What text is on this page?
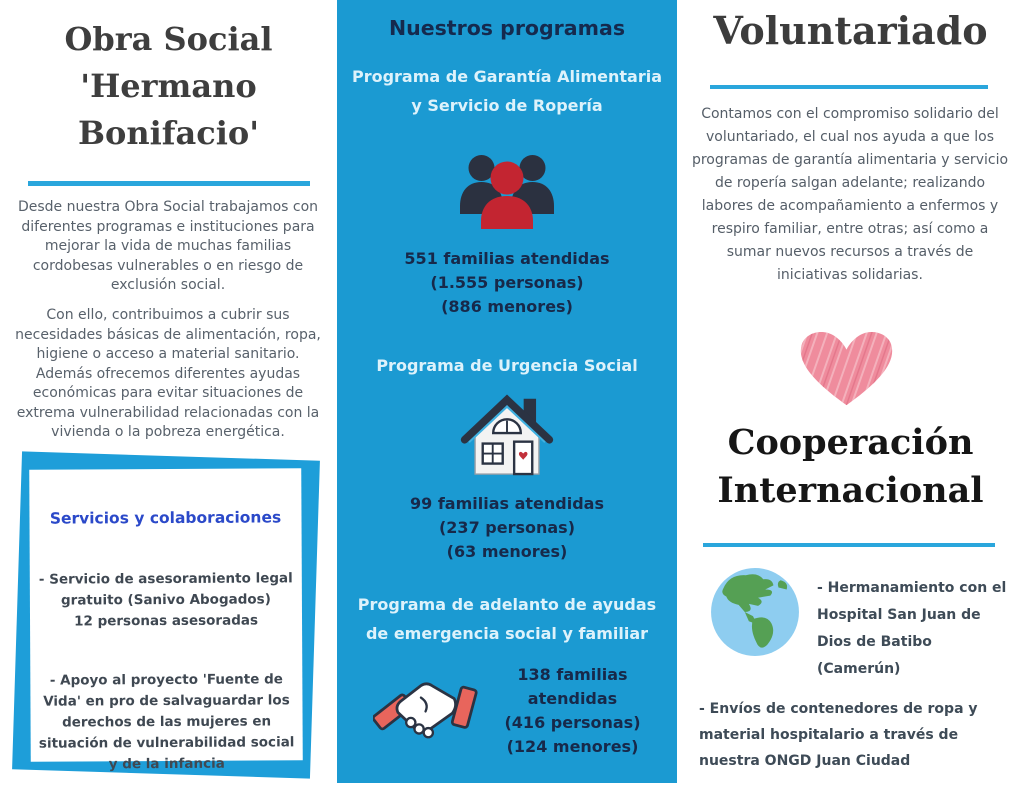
Obra Social
'Hermano
Bonifacio'
Desde nuestra Obra Social trabajamos con diferentes programas e instituciones para mejorar la vida de muchas familias cordobesas vulnerables o en riesgo de exclusión social.
Con ello, contribuimos a cubrir sus necesidades básicas de alimentación, ropa, higiene o acceso a material sanitario. Además ofrecemos diferentes ayudas económicas para evitar situaciones de extrema vulnerabilidad relacionadas con la vivienda o la pobreza energética.
Servicios y colaboraciones
- Servicio de asesoramiento legal gratuito (Sanivo Abogados)
12 personas asesoradas
- Apoyo al proyecto 'Fuente de Vida' en pro de salvaguardar los derechos de las mujeres en situación de vulnerabilidad social y de la infancia
Nuestros programas
Programa de Garantía Alimentaria y Servicio de Ropería
551 familias atendidas
(1.555 personas)
(886 menores)
Programa de Urgencia Social
99 familias atendidas
(237 personas)
(63 menores)
Programa de adelanto de ayudas de emergencia social y familiar
138 familias atendidas
(416 personas)
(124 menores)
Voluntariado
Contamos con el compromiso solidario del voluntariado, el cual nos ayuda a que los programas de garantía alimentaria y servicio de ropería salgan adelante; realizando labores de acompañamiento a enfermos y respiro familiar, entre otras; así como a sumar nuevos recursos a través de iniciativas solidarias.
Cooperación
Internacional
- Hermanamiento con el Hospital San Juan de Dios de Batibo (Camerún)
- Envíos de contenedores de ropa y material hospitalario a través de nuestra ONGD Juan Ciudad
